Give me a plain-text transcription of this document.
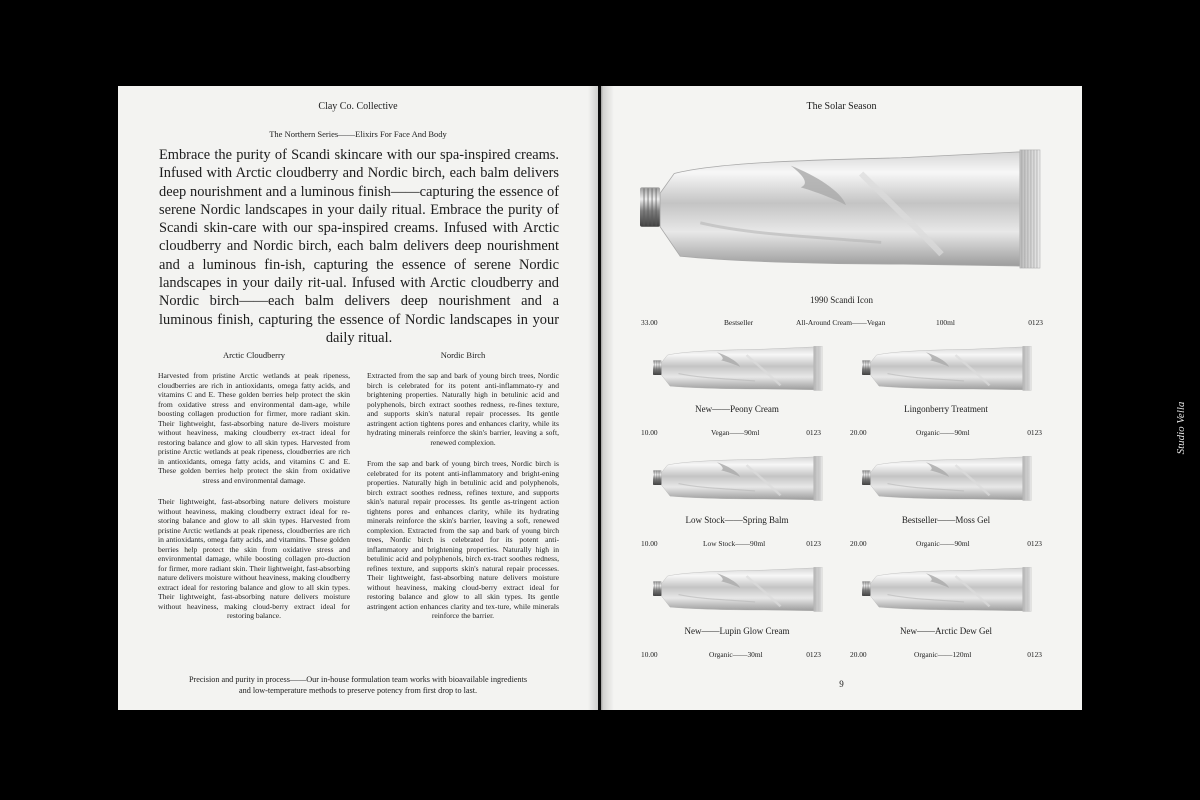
Clay Co. Collective
The Northern Series——Elixirs For Face And Body

Embrace the purity of Scandi skincare with our spa-inspired creams. Infused with Arctic cloudberry and Nordic birch, each balm delivers deep nourishment and a luminous finish——capturing the essence of serene Nordic landscapes in your daily ritual. Embrace the purity of Scandi skin-care with our spa-inspired creams. Infused with Arctic cloudberry and Nordic birch, each balm delivers deep nourishment and a luminous fin-ish, capturing the essence of serene Nordic landscapes in your daily rit-ual. Infused with Arctic cloudberry and Nordic birch——each balm delivers deep nourishment and a luminous finish, capturing the essence of Nordic landscapes in your daily ritual.

Arctic Cloudberry	Nordic Birch

Harvested from pristine Arctic wetlands at peak ripeness, cloudberries are rich in antioxidants, omega fatty acids, and vitamins C and E. These golden berries help protect the skin from oxidative stress and environmental dam-age, while boosting collagen production for firmer, more radiant skin. Their lightweight, fast-absorbing nature de-livers moisture without heaviness, making cloudberry ex-tract ideal for restoring balance and glow to all skin types. Harvested from pristine Arctic wetlands at peak ripeness, cloudberries are rich in antioxidants, omega fatty acids, and vitamins C and E. These golden berries help protect the skin from oxidative stress and environmental damage.

Their lightweight, fast-absorbing nature delivers moisture without heaviness, making cloudberry extract ideal for re-storing balance and glow to all skin types. Harvested from pristine Arctic wetlands at peak ripeness, cloudberries are rich in antioxidants, omega fatty acids, and vitamins. These golden berries help protect the skin from oxidative stress and environmental damage, while boosting collagen pro-duction for firmer, more radiant skin. Their lightweight, fast-absorbing nature delivers moisture without heaviness, making cloudberry extract ideal for restoring balance and glow to all skin types. Their lightweight, fast-absorbing nature delivers moisture without heaviness, making cloud-berry extract ideal for restoring balance.

Extracted from the sap and bark of young birch trees, Nordic birch is celebrated for its potent anti-inflammato-ry and brightening properties. Naturally high in betulinic acid and polyphenols, birch extract soothes redness, re-fines texture, and supports skin's natural repair processes. Its gentle astringent action tightens pores and enhances clarity, while its hydrating minerals reinforce the skin's barrier, leaving a soft, renewed complexion.

From the sap and bark of young birch trees, Nordic birch is celebrated for its potent anti-inflammatory and bright-ening properties. Naturally high in betulinic acid and polyphenols, birch extract soothes redness, refines texture, and supports skin's natural repair processes. Its gentle as-tringent action tightens pores and enhances clarity, while its hydrating minerals reinforce the skin's barrier, leaving a soft, renewed complexion. Extracted from the sap and bark of young birch trees, Nordic birch is celebrated for its potent anti-inflammatory and brightening properties. Naturally high in betulinic acid and polyphenols, birch ex-tract soothes redness, refines texture, and supports skin's natural repair processes. Their lightweight, fast-absorbing nature delivers moisture without heaviness, making cloud-berry extract ideal for restoring balance and glow to all skin types. Its gentle astringent action enhances clarity and tex-ture, while minerals reinforce the barrier.

Precision and purity in process——Our in-house formulation team works with bioavailable ingredients
and low-temperature methods to preserve potency from first drop to last.
The Solar Season
1990 Scandi Icon
33.00	Bestseller	All-Around Cream——Vegan	100ml	0123
New——Peony Cream
10.00	Vegan——90ml	0123
Lingonberry Treatment
20.00	Organic——90ml	0123
Low Stock——Spring Balm
10.00	Low Stock——90ml	0123
Bestseller——Moss Gel
20.00	Organic——90ml	0123
New——Lupin Glow Cream
10.00	Organic——30ml	0123
New——Arctic Dew Gel
20.00	Organic——120ml	0123
9
Studio Vella
